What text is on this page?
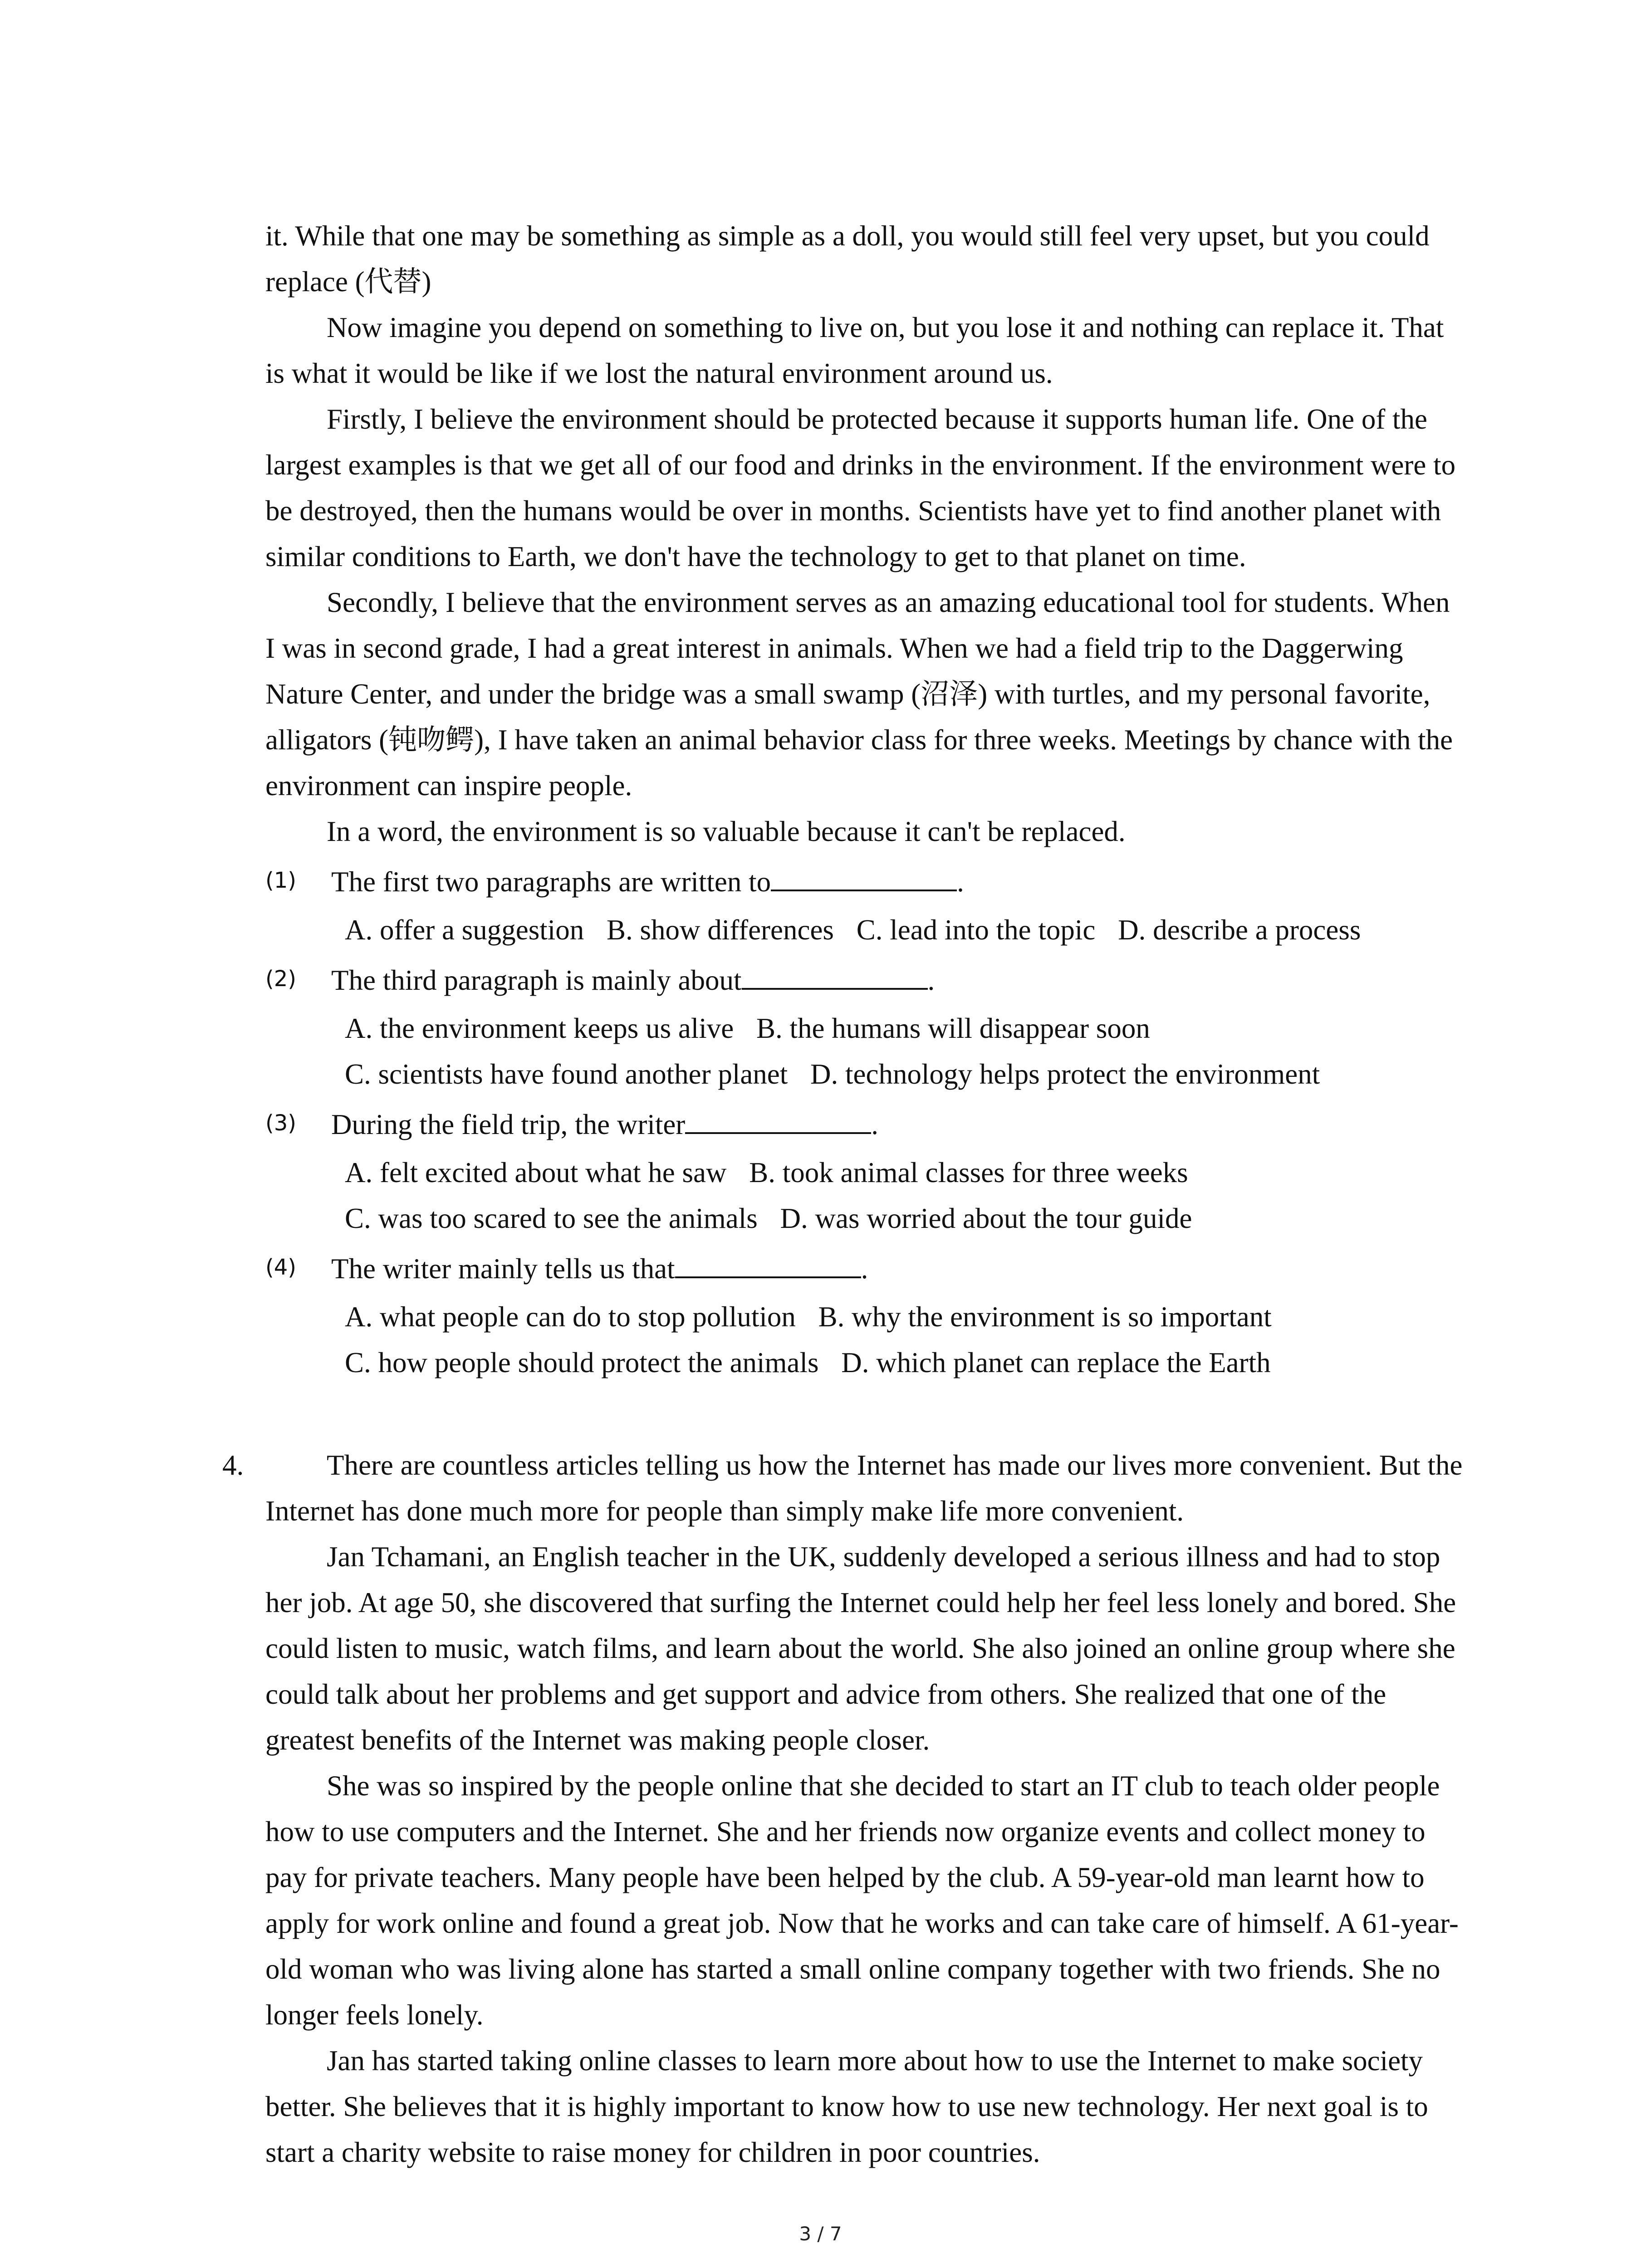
it. While that one may be something as simple as a doll, you would still feel very upset, but you could replace (代替)

Now imagine you depend on something to live on, but you lose it and nothing can replace it. That is what it would be like if we lost the natural environment around us.

Firstly, I believe the environment should be protected because it supports human life. One of the largest examples is that we get all of our food and drinks in the environment. If the environment were to be destroyed, then the humans would be over in months. Scientists have yet to find another planet with similar conditions to Earth, we don't have the technology to get to that planet on time.

Secondly, I believe that the environment serves as an amazing educational tool for students. When I was in second grade, I had a great interest in animals. When we had a field trip to the Daggerwing Nature Center, and under the bridge was a small swamp (沼泽) with turtles, and my personal favorite, alligators (钝吻鳄), I have taken an animal behavior class for three weeks. Meetings by chance with the environment can inspire people.

In a word, the environment is so valuable because it can't be replaced.

(1)	The first two paragraphs are written to	.
A. offer a suggestion B. show differences C. lead into the topic D. describe a process
(2)	The third paragraph is mainly about	.
A. the environment keeps us alive B. the humans will disappear soon
C. scientists have found another planet D. technology helps protect the environment
(3)	During the field trip, the writer	.
A. felt excited about what he saw B. took animal classes for three weeks
C. was too scared to see the animals D. was worried about the tour guide
(4)	The writer mainly tells us that	.
A. what people can do to stop pollution B. why the environment is so important
C. how people should protect the animals D. which planet can replace the Earth
4.	There are countless articles telling us how the Internet has made our lives more convenient. But the Internet has done much more for people than simply make life more convenient.

Jan Tchamani, an English teacher in the UK, suddenly developed a serious illness and had to stop her job. At age 50, she discovered that surfing the Internet could help her feel less lonely and bored. She could listen to music, watch films, and learn about the world. She also joined an online group where she could talk about her problems and get support and advice from others. She realized that one of the greatest benefits of the Internet was making people closer.

She was so inspired by the people online that she decided to start an IT club to teach older people how to use computers and the Internet. She and her friends now organize events and collect money to pay for private teachers. Many people have been helped by the club. A 59-year-old man learnt how to apply for work online and found a great job. Now that he works and can take care of himself. A 61-year-old woman who was living alone has started a small online company together with two friends. She no longer feels lonely.

Jan has started taking online classes to learn more about how to use the Internet to make society better. She believes that it is highly important to know how to use new technology. Her next goal is to start a charity website to raise money for children in poor countries.

3 / 7
